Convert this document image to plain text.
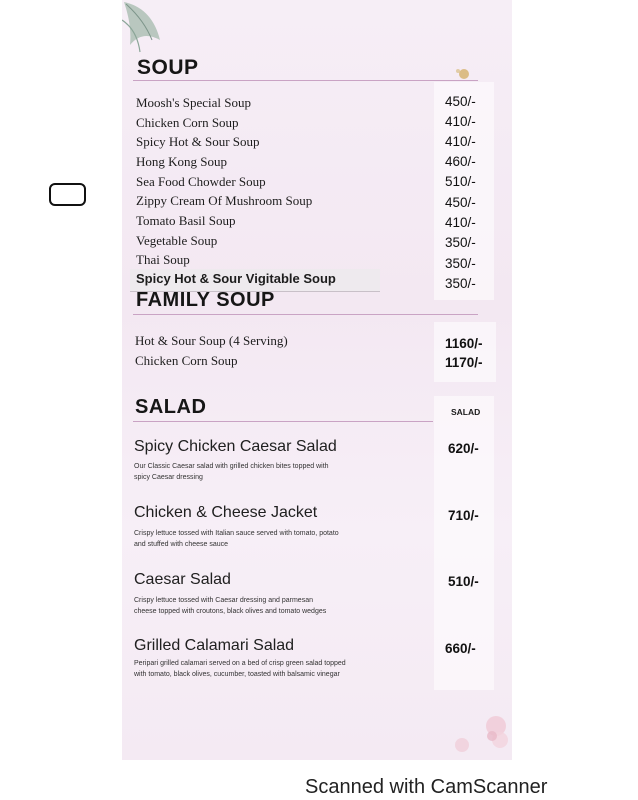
SOUP
Moosh's Special Soup
Chicken Corn Soup
Spicy Hot & Sour Soup
Hong Kong Soup
Sea Food Chowder Soup
Zippy Cream Of Mushroom Soup
Tomato Basil Soup
Vegetable Soup
Thai Soup
Spicy Hot & Sour Vigitable Soup
450/-
410/-
410/-
460/-
510/-
450/-
410/-
350/-
350/-
350/-
FAMILY SOUP
Hot & Sour Soup (4 Serving)
Chicken Corn Soup
1160/-
1170/-
SALAD	SALAD
Spicy Chicken Caesar Salad
Our Classic Caesar salad with grilled chicken bites topped with
spicy Caesar dressing
620/-
Chicken & Cheese Jacket
Crispy lettuce tossed with Italian sauce served with tomato, potato
and stuffed with cheese sauce
710/-
Caesar Salad
Crispy lettuce tossed with Caesar dressing and parmesan
cheese topped with croutons, black olives and tomato wedges
510/-
Grilled Calamari Salad
Peripari grilled calamari served on a bed of crisp green salad topped
with tomato, black olives, cucumber, toasted with balsamic vinegar
660/-
Scanned with CamScanner
